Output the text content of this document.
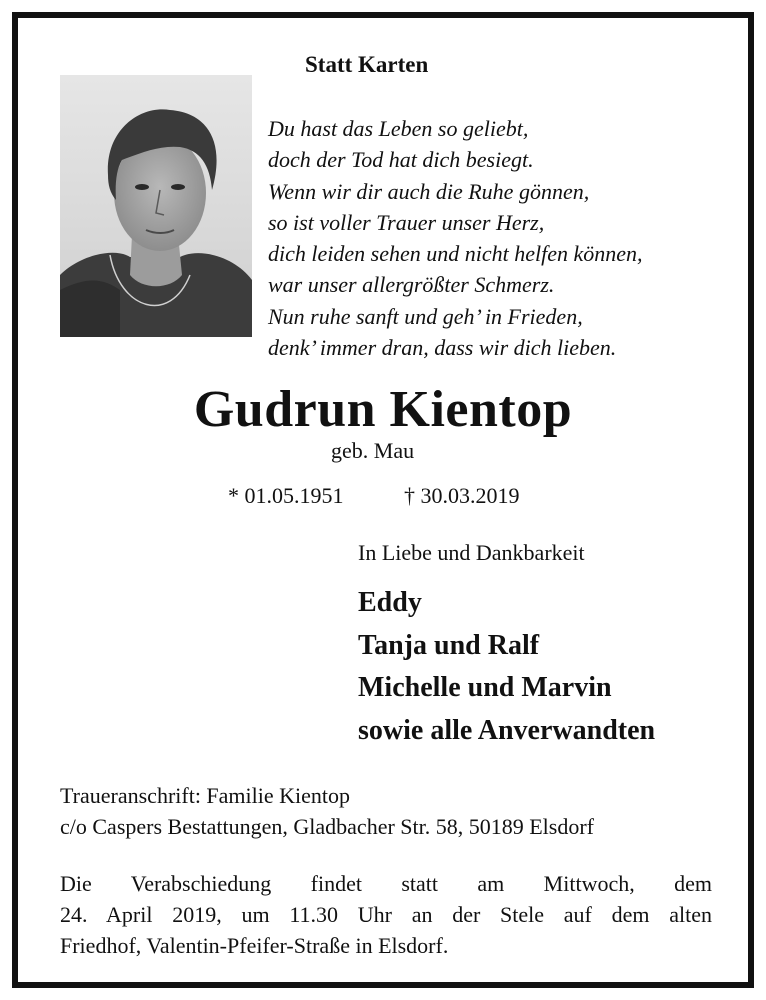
Statt Karten
Du hast das Leben so geliebt,
doch der Tod hat dich besiegt.
Wenn wir dir auch die Ruhe gönnen,
so ist voller Trauer unser Herz,
dich leiden sehen und nicht helfen können,
war unser allergrößter Schmerz.
Nun ruhe sanft und geh’ in Frieden,
denk’ immer dran, dass wir dich lieben.
Gudrun Kientop
geb. Mau
* 01.05.1951	† 30.03.2019
In Liebe und Dankbarkeit
Eddy
Tanja und Ralf
Michelle und Marvin
sowie alle Anverwandten
Traueranschrift: Familie Kientop
c/o Caspers Bestattungen, Gladbacher Str. 58, 50189 Elsdorf
Die Verabschiedung findet statt am Mittwoch, dem
24. April 2019, um 11.30 Uhr an der Stele auf dem alten
Friedhof, Valentin-Pfeifer-Straße in Elsdorf.
